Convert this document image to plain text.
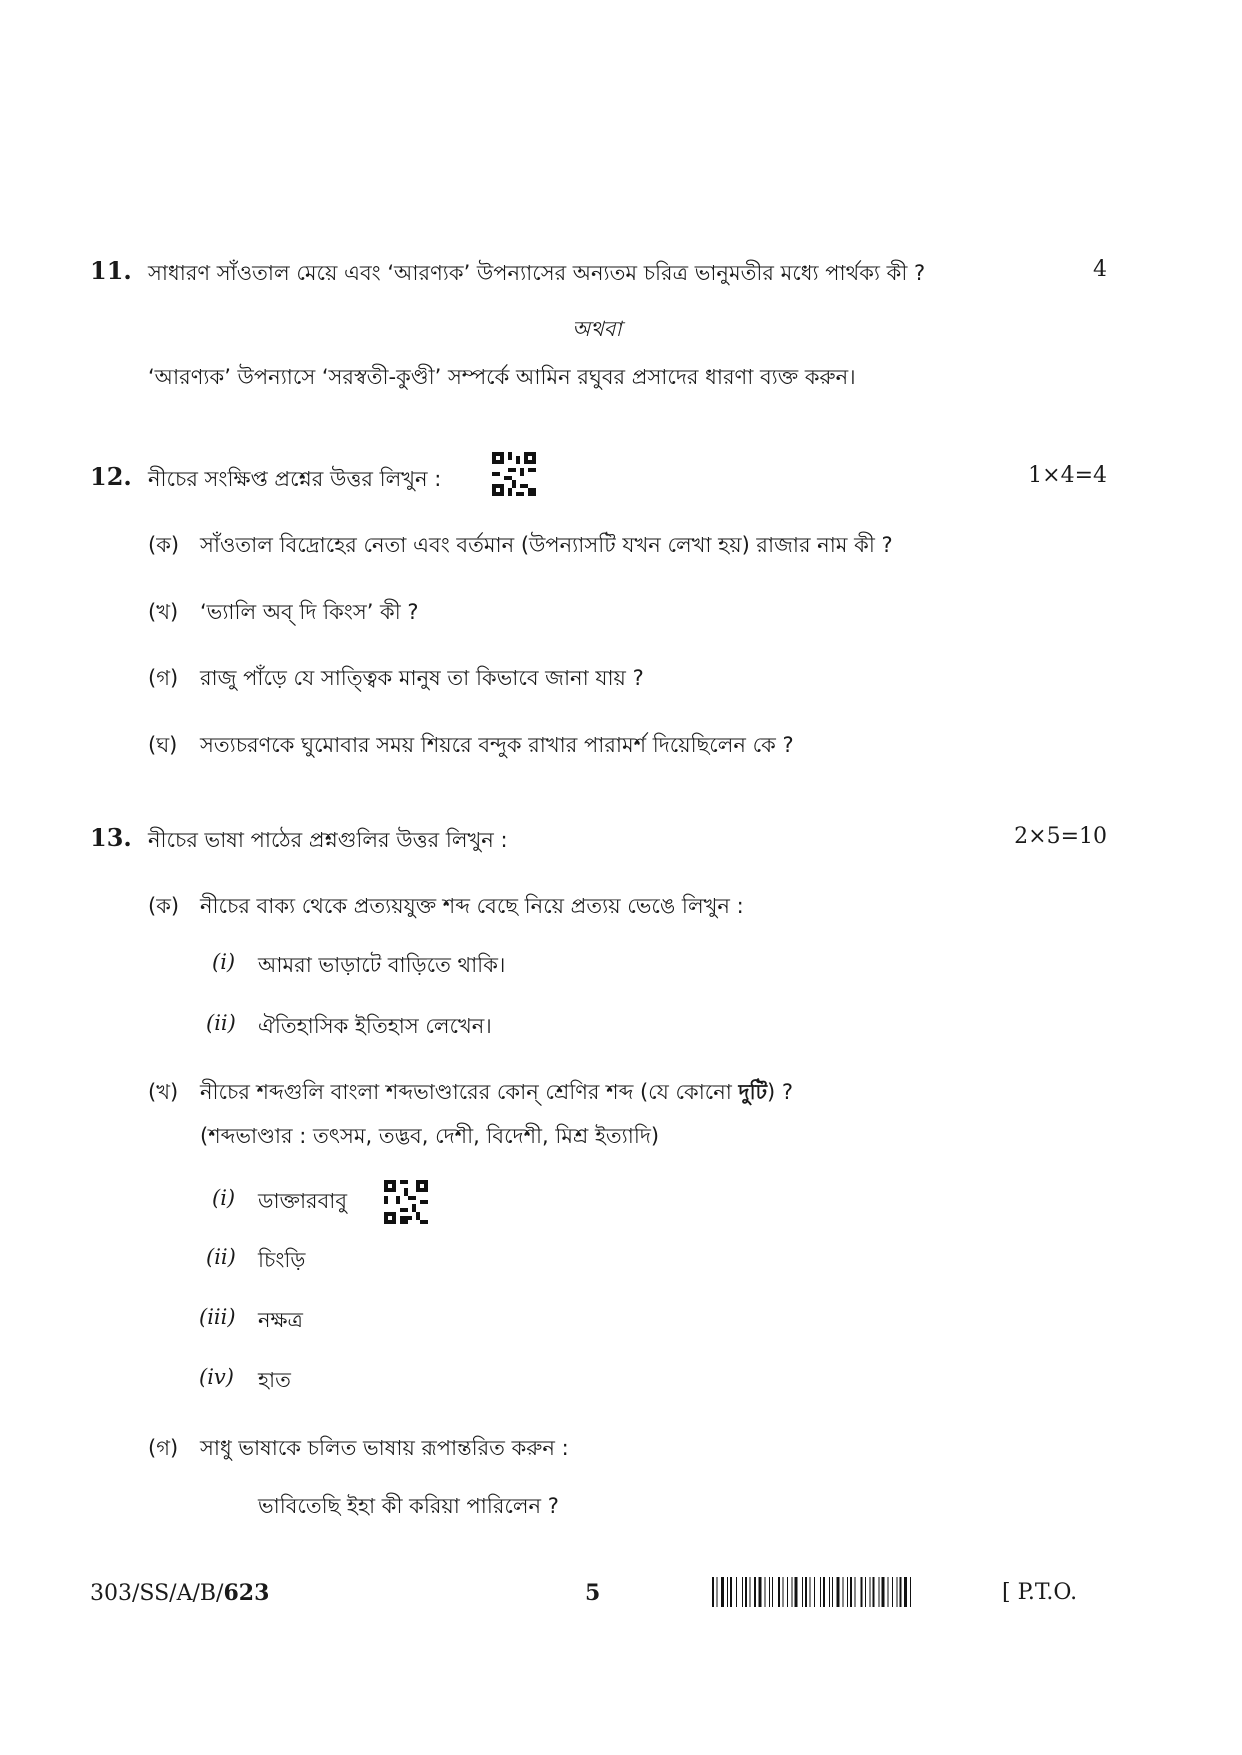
11. সাধারণ সাঁওতাল মেয়ে এবং ‘আরণ্যক’ উপন্যাসের অন্যতম চরিত্র ভানুমতীর মধ্যে পার্থক্য কী ?	4
অথবা
‘আরণ্যক’ উপন্যাসে ‘সরস্বতী-কুণ্ডী’ সম্পর্কে আমিন রঘুবর প্রসাদের ধারণা ব্যক্ত করুন।
12. নীচের সংক্ষিপ্ত প্রশ্নের উত্তর লিখুন :	1×4=4
(ক) সাঁওতাল বিদ্রোহের নেতা এবং বর্তমান (উপন্যাসটি যখন লেখা হয়) রাজার নাম কী ?
(খ) ‘ভ্যালি অব্ দি কিংস’ কী ?
(গ) রাজু পাঁড়ে যে সাত্ত্বিক মানুষ তা কিভাবে জানা যায় ?
(ঘ) সত্যচরণকে ঘুমোবার সময় শিয়রে বন্দুক রাখার পারামর্শ দিয়েছিলেন কে ?
13. নীচের ভাষা পাঠের প্রশ্নগুলির উত্তর লিখুন :	2×5=10
(ক) নীচের বাক্য থেকে প্রত্যয়যুক্ত শব্দ বেছে নিয়ে প্রত্যয় ভেঙে লিখুন :
(i) আমরা ভাড়াটে বাড়িতে থাকি।
(ii) ঐতিহাসিক ইতিহাস লেখেন।
(খ) নীচের শব্দগুলি বাংলা শব্দভাণ্ডারের কোন্ শ্রেণির শব্দ (যে কোনো দুটি) ?
(শব্দভাণ্ডার : তৎসম, তদ্ভব, দেশী, বিদেশী, মিশ্র ইত্যাদি)
(i) ডাক্তারবাবু
(ii) চিংড়ি
(iii) নক্ষত্র
(iv) হাত
(গ) সাধু ভাষাকে চলিত ভাষায় রূপান্তরিত করুন :
ভাবিতেছি ইহা কী করিয়া পারিলেন ?
303/SS/A/B/623	5	[ P.T.O.
